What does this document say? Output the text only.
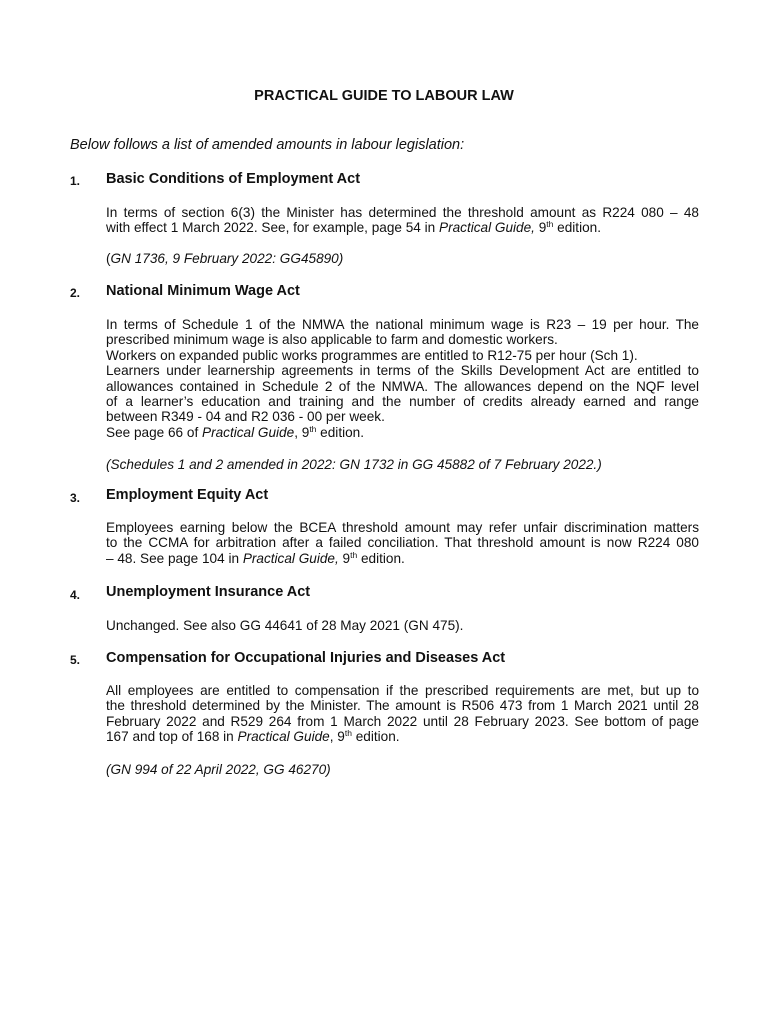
PRACTICAL GUIDE TO LABOUR LAW

Below follows a list of amended amounts in labour legislation:

1. Basic Conditions of Employment Act
In terms of section 6(3) the Minister has determined the threshold amount as R224 080 – 48
with effect 1 March 2022. See, for example, page 54 in Practical Guide, 9th edition.

(GN 1736, 9 February 2022: GG45890)

2. National Minimum Wage Act
In terms of Schedule 1 of the NMWA the national minimum wage is R23 – 19 per hour. The
prescribed minimum wage is also applicable to farm and domestic workers.
Workers on expanded public works programmes are entitled to R12-75 per hour (Sch 1).
Learners under learnership agreements in terms of the Skills Development Act are entitled to
allowances contained in Schedule 2 of the NMWA. The allowances depend on the NQF level
of a learner’s education and training and the number of credits already earned and range
between R349 - 04 and R2 036 - 00 per week.
See page 66 of Practical Guide, 9th edition.

(Schedules 1 and 2 amended in 2022: GN 1732 in GG 45882 of 7 February 2022.)

3. Employment Equity Act
Employees earning below the BCEA threshold amount may refer unfair discrimination matters
to the CCMA for arbitration after a failed conciliation. That threshold amount is now R224 080
– 48. See page 104 in Practical Guide, 9th edition.
4. Unemployment Insurance Act

Unchanged. See also GG 44641 of 28 May 2021 (GN 475).

5. Compensation for Occupational Injuries and Diseases Act
All employees are entitled to compensation if the prescribed requirements are met, but up to
the threshold determined by the Minister. The amount is R506 473 from 1 March 2021 until 28
February 2022 and R529 264 from 1 March 2022 until 28 February 2023. See bottom of page
167 and top of 168 in Practical Guide, 9th edition.

(GN 994 of 22 April 2022, GG 46270)
